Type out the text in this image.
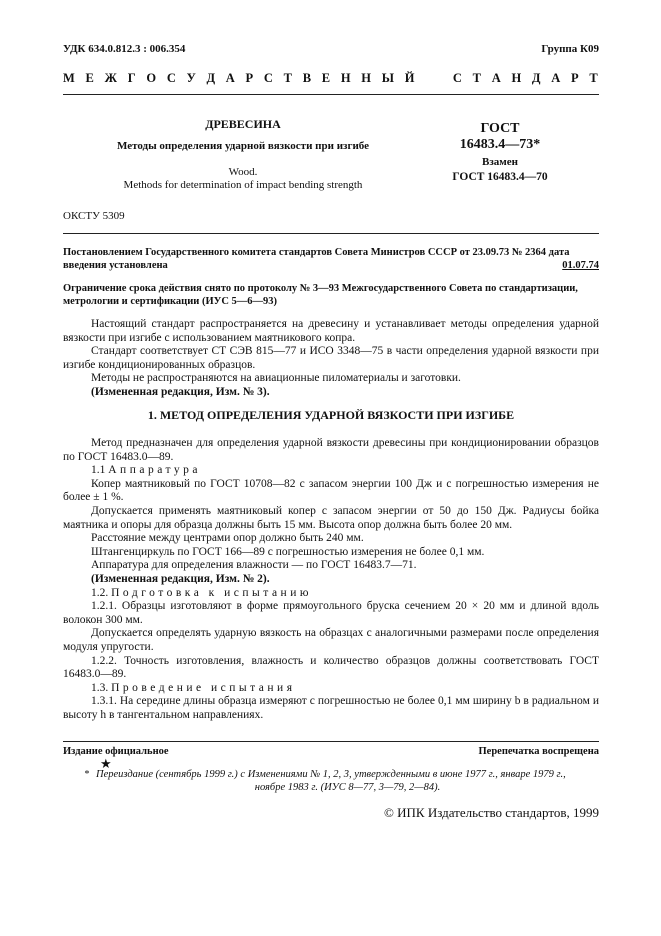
УДК 634.0.812.3 : 006.354	Группа К09
М Е Ж Г О С У Д А Р С Т В Е Н Н Ы Й

	С Т А Н Д А Р Т
ДРЕВЕСИНА
Методы определения ударной вязкости при изгибе
Wood.
Methods for determination of impact bending strength
ГОСТ
16483.4—73*
Взамен
ГОСТ 16483.4—70
ОКСТУ 5309
Постановлением Государственного комитета стандартов Совета Министров СССР от 23.09.73 № 2364 дата
введения установлена	01.07.74
Ограничение срока действия снято по протоколу № 3—93 Межгосударственного Совета по стандартизации,
метрологии и сертификации (ИУС 5—6—93)

Настоящий стандарт распространяется на древесину и устанавливает методы определения ударной вязкости при изгибе с использованием маятникового копра.

Стандарт соответствует СТ СЭВ 815—77 и ИСО 3348—75 в части определения ударной вязкости при изгибе кондиционированных образцов.

Методы не распространяются на авиационные пиломатериалы и заготовки.

(Измененная редакция, Изм. № 3).

1. МЕТОД ОПРЕДЕЛЕНИЯ УДАРНОЙ ВЯЗКОСТИ ПРИ ИЗГИБЕ

Метод предназначен для определения ударной вязкости древесины при кондиционировании образцов по ГОСТ 16483.0—89.

1.1 Аппаратура

Копер маятниковый по ГОСТ 10708—82 с запасом энергии 100 Дж и с погрешностью измерения не более ± 1 %.

Допускается применять маятниковый копер с запасом энергии от 50 до 150 Дж. Радиусы бойка маятника и опоры для образца должны быть 15 мм. Высота опор должна быть более 20 мм.

Расстояние между центрами опор должно быть 240 мм.

Штангенциркуль по ГОСТ 166—89 с погрешностью измерения не более 0,1 мм.

Аппаратура для определения влажности — по ГОСТ 16483.7—71.

(Измененная редакция, Изм. № 2).

1.2. Подготовка к испытанию

1.2.1. Образцы изготовляют в форме прямоугольного бруска сечением 20 × 20 мм и длиной вдоль волокон 300 мм.

Допускается определять ударную вязкость на образцах с аналогичными размерами после определения модуля упругости.

1.2.2. Точность изготовления, влажность и количество образцов должны соответствовать ГОСТ 16483.0—89.

1.3. Проведение испытания

1.3.1. На середине длины образца измеряют с погрешностью не более 0,1 мм ширину b в радиальном и высоту h в тангентальном направлениях.

Издание официальное	Перепечатка воспрещена
★
* Переиздание (сентябрь 1999 г.) с Изменениями № 1, 2, 3, утвержденными в июне 1977 г., январе 1979 г.,
ноябре 1983 г. (ИУС 8—77, 3—79, 2—84).
© ИПК Издательство стандартов, 1999
